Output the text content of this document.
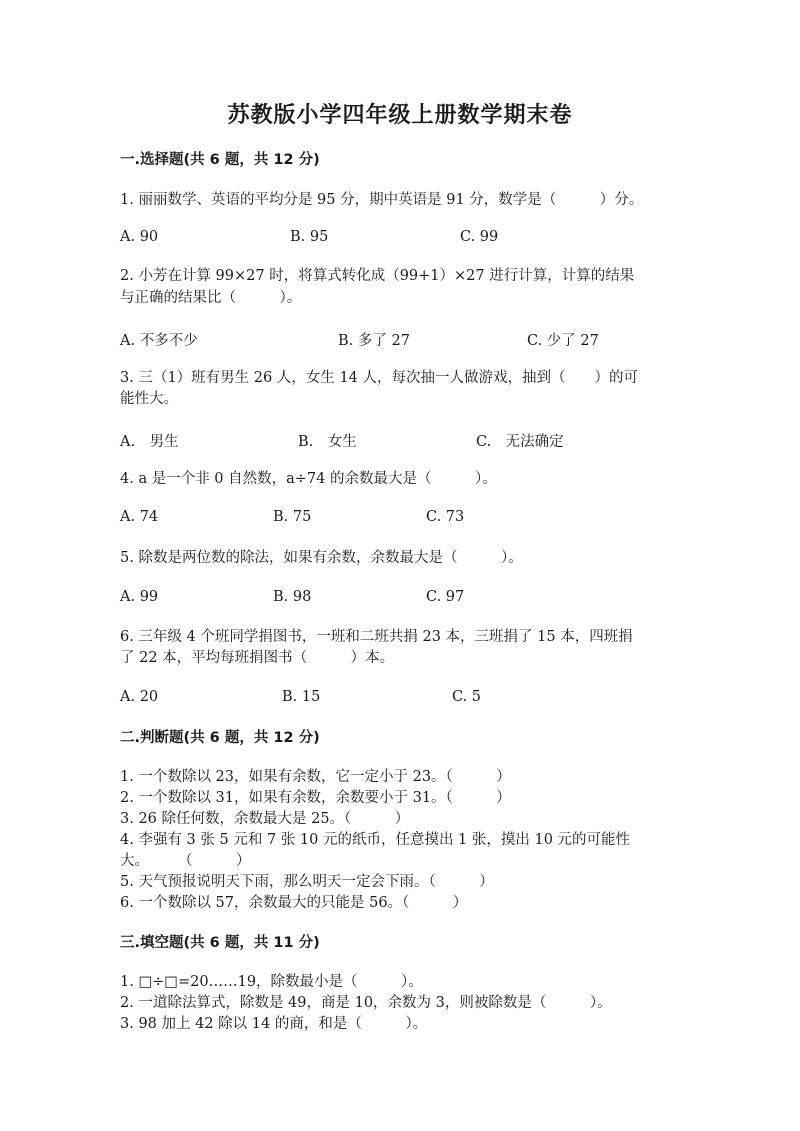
苏教版小学四年级上册数学期末卷
一.选择题(共 6 题，共 12 分)
1. 丽丽数学、英语的平均分是 95 分，期中英语是 91 分，数学是（　　　）分。
A. 90	B. 95	C. 99
2. 小芳在计算 99×27 时，将算式转化成（99+1）×27 进行计算，计算的结果
与正确的结果比（　　　）。
A. 不多不少	B. 多了 27	C. 少了 27
3. 三（1）班有男生 26 人，女生 14 人，每次抽一人做游戏，抽到（　　）的可
能性大。
A.　男生	B.　女生	C.　无法确定
4. a 是一个非 0 自然数，a÷74 的余数最大是（　　　）。
A. 74	B. 75	C. 73
5. 除数是两位数的除法，如果有余数，余数最大是（　　　）。
A. 99	B. 98	C. 97
6. 三年级 4 个班同学捐图书，一班和二班共捐 23 本，三班捐了 15 本，四班捐
了 22 本，平均每班捐图书（　　　）本。
A. 20	B. 15	C. 5
二.判断题(共 6 题，共 12 分)
1. 一个数除以 23，如果有余数，它一定小于 23。（　　　）
2. 一个数除以 31，如果有余数，余数要小于 31。（　　　）
3. 26 除任何数，余数最大是 25。（　　　）
4. 李强有 3 张 5 元和 7 张 10 元的纸币，任意摸出 1 张，摸出 10 元的可能性
大。　　　（　　　）
5. 天气预报说明天下雨，那么明天一定会下雨。（　　　）
6. 一个数除以 57，余数最大的只能是 56。（　　　）
三.填空题(共 6 题，共 11 分)
1. □÷□=20……19，除数最小是（　　　）。
2. 一道除法算式，除数是 49，商是 10，余数为 3，则被除数是（　　　）。
3. 98 加上 42 除以 14 的商，和是（　　　）。
